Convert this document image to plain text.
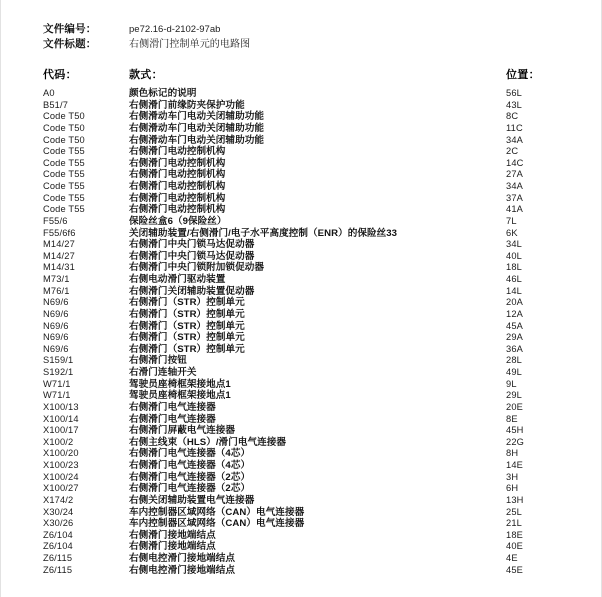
文件编号：	pe72.16-d-2102-97ab
文件标题：	右侧滑门控制单元的电路图
代码：	款式：	位置：
A0	颜色标记的说明	56L
B51/7	右侧滑门前缘防夹保护功能	43L
Code T50	右侧滑动车门电动关闭辅助功能	8C
Code T50	右侧滑动车门电动关闭辅助功能	11C
Code T50	右侧滑动车门电动关闭辅助功能	34A
Code T55	右侧滑门电动控制机构	2C
Code T55	右侧滑门电动控制机构	14C
Code T55	右侧滑门电动控制机构	27A
Code T55	右侧滑门电动控制机构	34A
Code T55	右侧滑门电动控制机构	37A
Code T55	右侧滑门电动控制机构	41A
F55/6	保险丝盒6（9保险丝）	7L
F55/6f6	关闭辅助装置/右侧滑门/电子水平高度控制（ENR）的保险丝33	6K
M14/27	右侧滑门中央门锁马达促动器	34L
M14/27	右侧滑门中央门锁马达促动器	40L
M14/31	右侧滑门中央门锁附加锁促动器	18L
M73/1	右侧电动滑门驱动装置	46L
M76/1	右侧滑门关闭辅助装置促动器	14L
N69/6	右侧滑门（STR）控制单元	20A
N69/6	右侧滑门（STR）控制单元	12A
N69/6	右侧滑门（STR）控制单元	45A
N69/6	右侧滑门（STR）控制单元	29A
N69/6	右侧滑门（STR）控制单元	36A
S159/1	右侧滑门按钮	28L
S192/1	右滑门连轴开关	49L
W71/1	驾驶员座椅框架接地点1	9L
W71/1	驾驶员座椅框架接地点1	29L
X100/13	右侧滑门电气连接器	20E
X100/14	右侧滑门电气连接器	8E
X100/17	右侧滑门屏蔽电气连接器	45H
X100/2	右侧主线束（HLS）/滑门电气连接器	22G
X100/20	右侧滑门电气连接器（4芯）	8H
X100/23	右侧滑门电气连接器（4芯）	14E
X100/24	右侧滑门电气连接器（2芯）	3H
X100/27	右侧滑门电气连接器（2芯）	6H
X174/2	右侧关闭辅助装置电气连接器	13H
X30/24	车内控制器区域网络（CAN）电气连接器	25L
X30/26	车内控制器区域网络（CAN）电气连接器	21L
Z6/104	右侧滑门接地端结点	18E
Z6/104	右侧滑门接地端结点	40E
Z6/115	右侧电控滑门接地端结点	4E
Z6/115	右侧电控滑门接地端结点	45E
